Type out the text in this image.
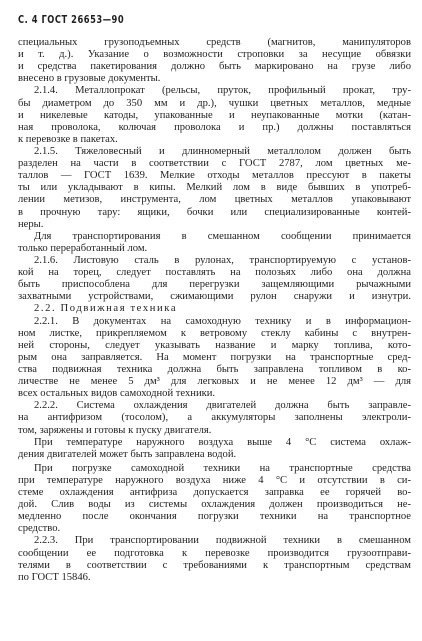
С. 4 ГОСТ 26653—90
специальных грузоподъемных средств (магнитов, манипуляторов
и т. д.). Указание о возможности строповки за несущие обвязки
и средства пакетирования должно быть маркировано на грузе либо
внесено в грузовые документы.
2.1.4. Металлопрокат (рельсы, пруток, профильный прокат, тру-
бы диаметром до 350 мм и др.), чушки цветных металлов, медные
и никелевые катоды, упакованные и неупакованные мотки (катан-
ная проволока, колючая проволока и пр.) должны поставляться
к перевозке в пакетах.
2.1.5. Тяжеловесный и длинномерный металлолом должен быть
разделен на части в соответствии с ГОСТ 2787, лом цветных ме-
таллов — ГОСТ 1639. Мелкие отходы металлов прессуют в пакеты
ты или укладывают в кипы. Мелкий лом в виде бывших в употреб-
лении метизов, инструмента, лом цветных металлов упаковывают
в прочную тару: ящики, бочки или специализированные контей-
неры.
Для транспортирования в смешанном сообщении принимается
только переработанный лом.
2.1.6. Листовую сталь в рулонах, транспортируемую с установ-
кой на торец, следует поставлять на полозьях либо она должна
быть приспособлена для перегрузки защемляющими рычажными
захватными устройствами, сжимающими рулон снаружи и изнутри.
2.2. Подвижная техника
2.2.1. В документах на самоходную технику и в информацион-
ном листке, прикрепляемом к ветровому стеклу кабины с внутрен-
ней стороны, следует указывать название и марку топлива, кото-
рым она заправляется. На момент погрузки на транспортные сред-
ства подвижная техника должна быть заправлена топливом в ко-
личестве не менее 5 дм³ для легковых и не менее 12 дм³ — для
всех остальных видов самоходной техники.
2.2.2. Система охлаждения двигателей должна быть заправле-
на антифризом (тосолом), а аккумуляторы заполнены электроли-
том, заряжены и готовы к пуску двигателя.
При температуре наружного воздуха выше 4 °С система охлаж-
дения двигателей может быть заправлена водой.
При погрузке самоходной техники на транспортные средства
при температуре наружного воздуха ниже 4 °С и отсутствии в си-
стеме охлаждения антифриза допускается заправка ее горячей во-
дой. Слив воды из системы охлаждения должен производиться не-
медленно после окончания погрузки техники на транспортное
средство.
2.2.3. При транспортировании подвижной техники в смешанном
сообщении ее подготовка к перевозке производится грузоотправи-
телями в соответствии с требованиями к транспортным средствам
по ГОСТ 15846.
